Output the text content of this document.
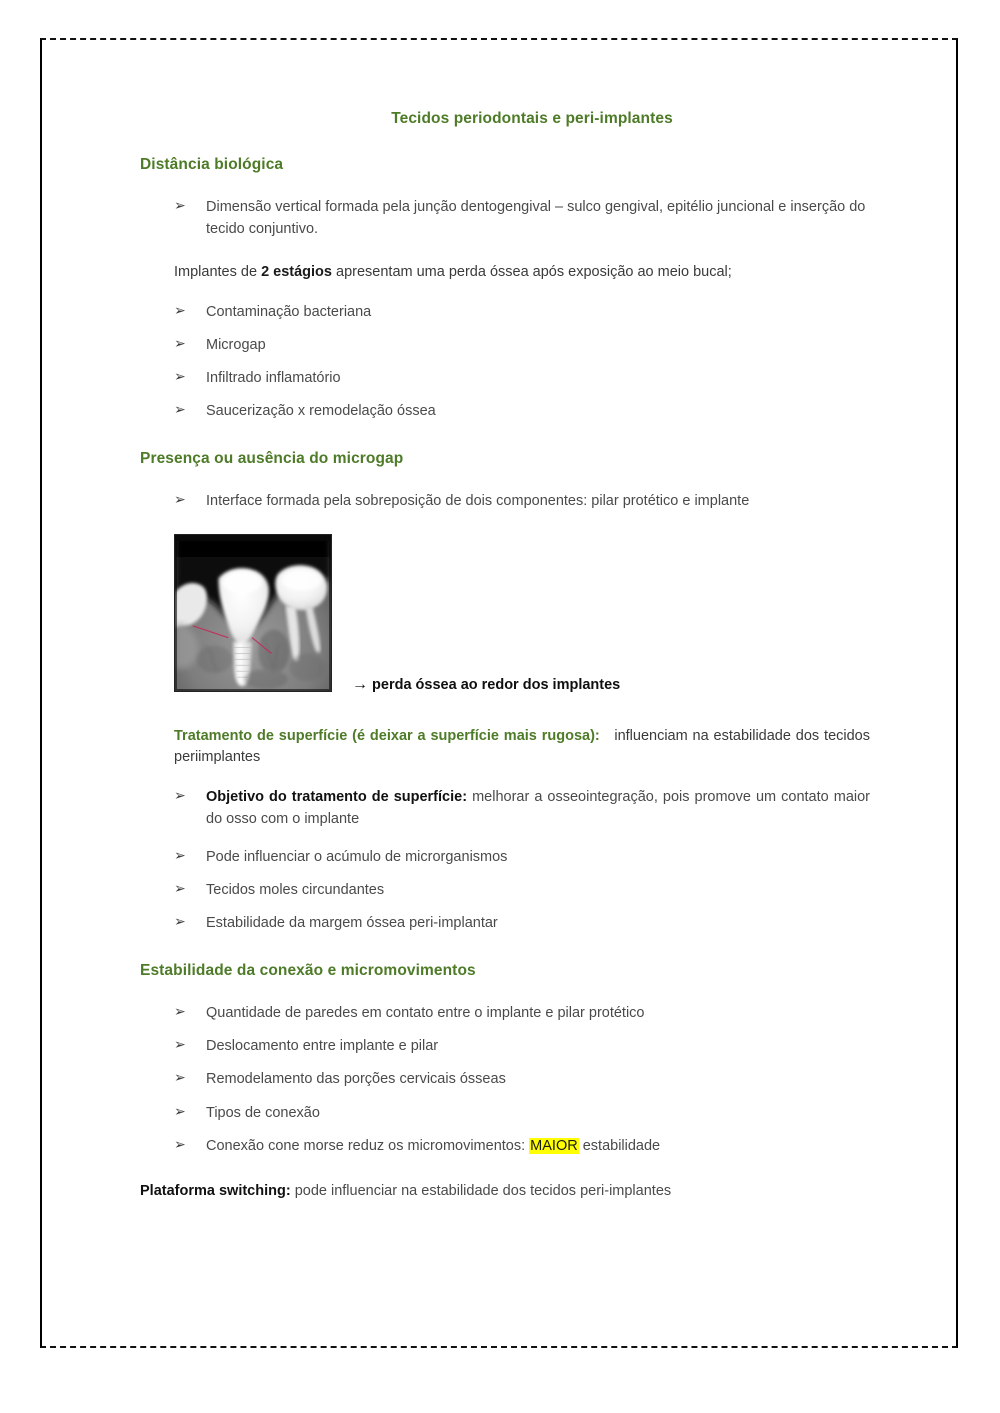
Tecidos periodontais e peri-implantes
Distância biológica
➢ Dimensão vertical formada pela junção dentogengival – sulco gengival, epitélio juncional e inserção do tecido conjuntivo.
Implantes de 2 estágios apresentam uma perda óssea após exposição ao meio bucal;
➢ Contaminação bacteriana
➢ Microgap
➢ Infiltrado inflamatório
➢ Saucerização x remodelação óssea
Presença ou ausência do microgap
➢ Interface formada pela sobreposição de dois componentes: pilar protético e implante
→ perda óssea ao redor dos implantes
Tratamento de superfície (é deixar a superfície mais rugosa): influenciam na estabilidade dos tecidos periimplantes
➢ Objetivo do tratamento de superfície: melhorar a osseointegração, pois promove um contato maior do osso com o implante
➢ Pode influenciar o acúmulo de microrganismos
➢ Tecidos moles circundantes
➢ Estabilidade da margem óssea peri-implantar
Estabilidade da conexão e micromovimentos
➢ Quantidade de paredes em contato entre o implante e pilar protético
➢ Deslocamento entre implante e pilar
➢ Remodelamento das porções cervicais ósseas
➢ Tipos de conexão
➢ Conexão cone morse reduz os micromovimentos: MAIOR estabilidade
Plataforma switching: pode influenciar na estabilidade dos tecidos peri-implantes
